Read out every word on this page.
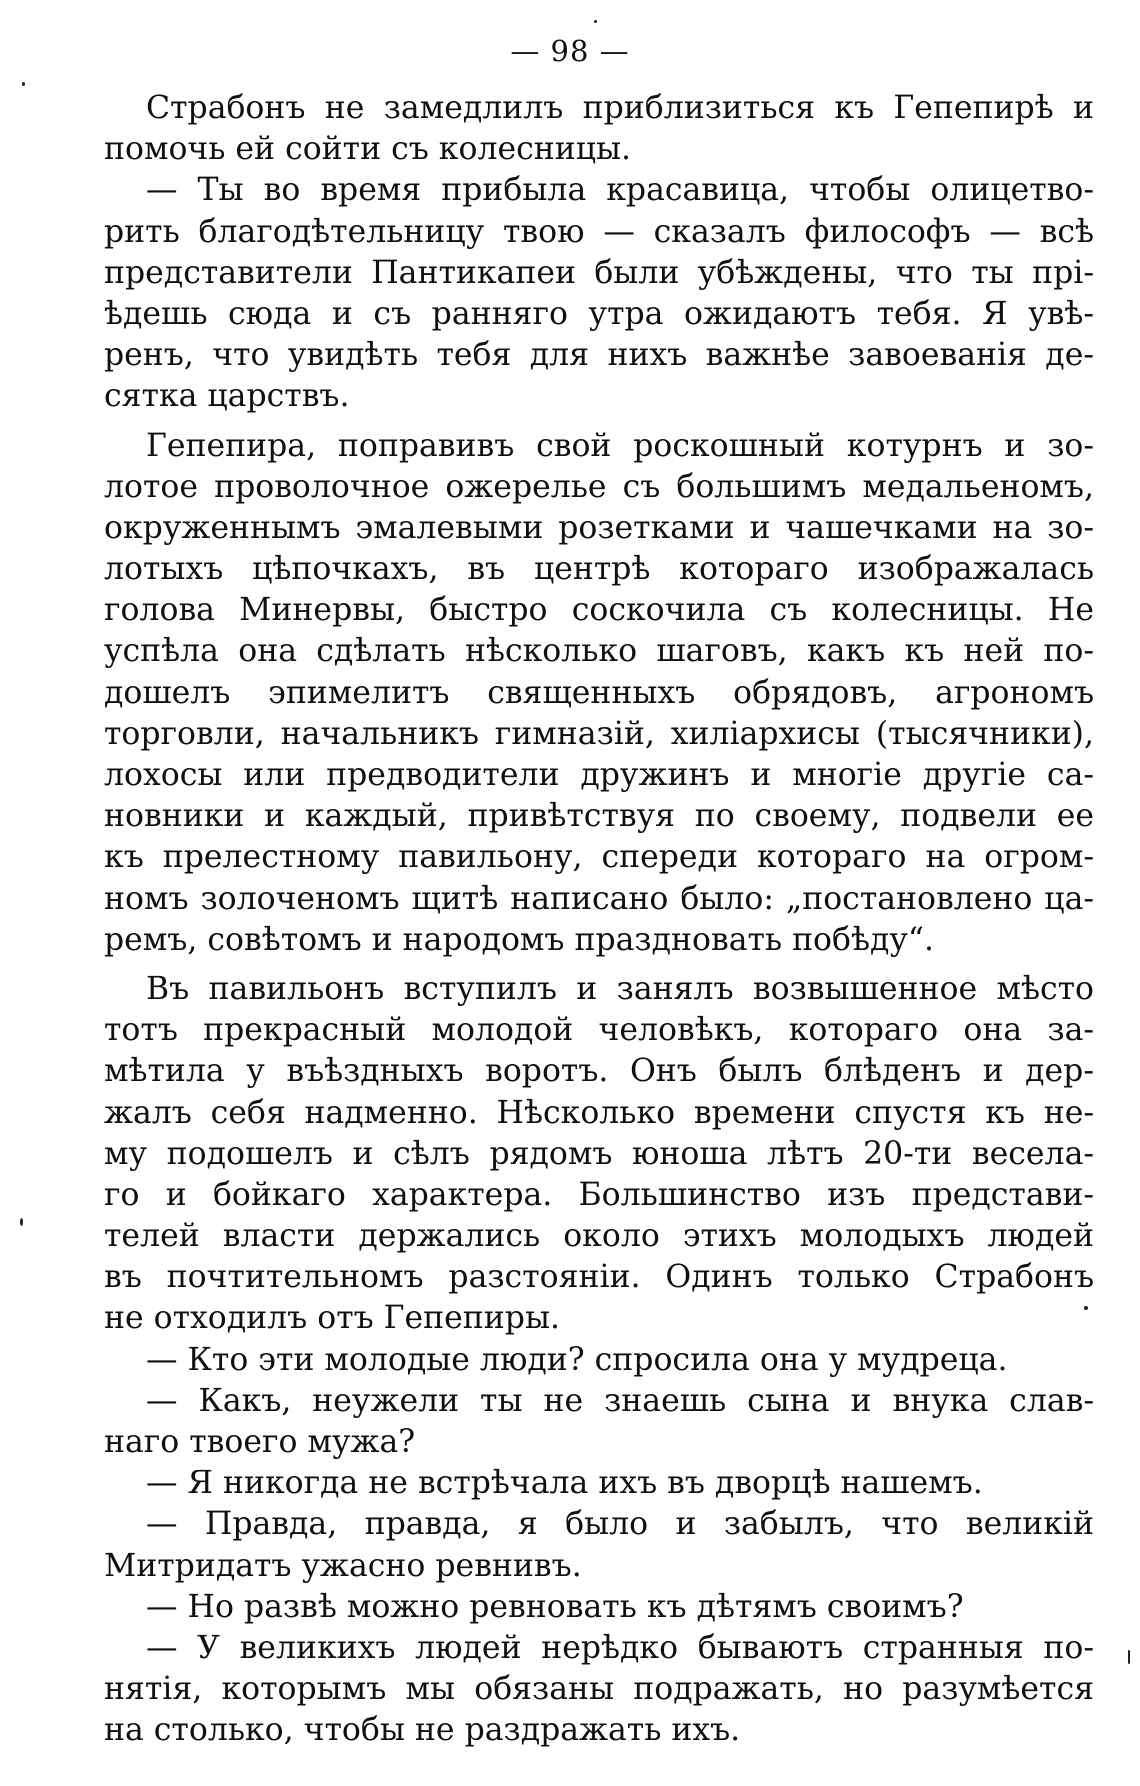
— 98 —
Страбонъ не замедлилъ приблизиться къ Гепепирѣ и
помочь ей сойти съ колесницы.
— Ты во время прибыла красавица, чтобы олицетво-
рить благодѣтельницу твою — сказалъ философъ — всѣ
представители Пантикапеи были убѣждены, что ты прі-
ѣдешь сюда и съ ранняго утра ожидаютъ тебя. Я увѣ-
ренъ, что увидѣть тебя для нихъ важнѣе завоеванія де-
сятка царствъ.
Гепепира, поправивъ свой роскошный котурнъ и зо-
лотое проволочное ожерелье съ большимъ медальеномъ,
окруженнымъ эмалевыми розетками и чашечками на зо-
лотыхъ цѣпочкахъ, въ центрѣ котораго изображалась
голова Минервы, быстро соскочила съ колесницы. Не
успѣла она сдѣлать нѣсколько шаговъ, какъ къ ней по-
дошелъ эпимелитъ священныхъ обрядовъ, агрономъ
торговли, начальникъ гимназій, хиліархисы (тысячники),
лохосы или предводители дружинъ и многіе другіе са-
новники и каждый, привѣтствуя по своему, подвели ее
къ прелестному павильону, спереди котораго на огром-
номъ золоченомъ щитѣ написано было: „постановлено ца-
ремъ, совѣтомъ и народомъ праздновать побѣду“.
Въ павильонъ вступилъ и занялъ возвышенное мѣсто
тотъ прекрасный молодой человѣкъ, котораго она за-
мѣтила у въѣздныхъ воротъ. Онъ былъ блѣденъ и дер-
жалъ себя надменно. Нѣсколько времени спустя къ не-
му подошелъ и сѣлъ рядомъ юноша лѣтъ 20-ти весела-
го и бойкаго характера. Большинство изъ представи-
телей власти держались около этихъ молодыхъ людей
въ почтительномъ разстояніи. Одинъ только Страбонъ
не отходилъ отъ Гепепиры.
— Кто эти молодые люди? спросила она у мудреца.
— Какъ, неужели ты не знаешь сына и внука слав-
наго твоего мужа?
— Я никогда не встрѣчала ихъ въ дворцѣ нашемъ.
— Правда, правда, я было и забылъ, что великій
Митридатъ ужасно ревнивъ.
— Но развѣ можно ревновать къ дѣтямъ своимъ?
— У великихъ людей нерѣдко бываютъ странныя по-
нятія, которымъ мы обязаны подражать, но разумѣется
на столько, чтобы не раздражать ихъ.
